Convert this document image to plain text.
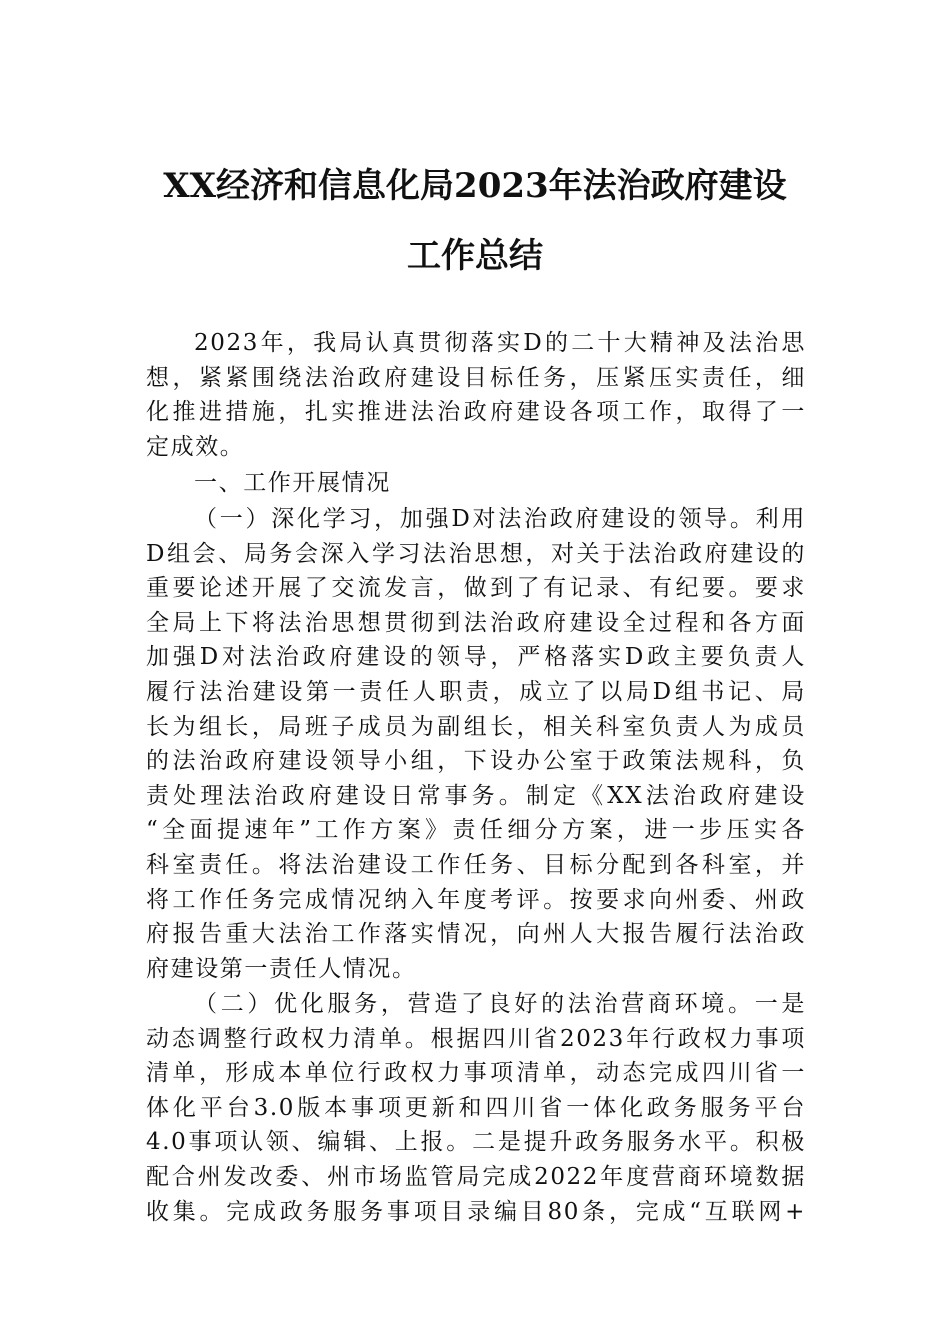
XX经济和信息化局2023年法治政府建设
工作总结
2023年，我局认真贯彻落实D的二十大精神及法治思
想，紧紧围绕法治政府建设目标任务，压紧压实责任，细
化推进措施，扎实推进法治政府建设各项工作，取得了一
定成效。
一、工作开展情况
（一）深化学习，加强D对法治政府建设的领导。利用
D组会、局务会深入学习法治思想，对关于法治政府建设的
重要论述开展了交流发言，做到了有记录、有纪要。要求
全局上下将法治思想贯彻到法治政府建设全过程和各方面
加强D对法治政府建设的领导，严格落实D政主要负责人
履行法治建设第一责任人职责，成立了以局D组书记、局
长为组长，局班子成员为副组长，相关科室负责人为成员
的法治政府建设领导小组，下设办公室于政策法规科，负
责处理法治政府建设日常事务。制定《XX法治政府建设
“全面提速年”工作方案》责任细分方案，进一步压实各
科室责任。将法治建设工作任务、目标分配到各科室，并
将工作任务完成情况纳入年度考评。按要求向州委、州政
府报告重大法治工作落实情况，向州人大报告履行法治政
府建设第一责任人情况。
（二）优化服务，营造了良好的法治营商环境。一是
动态调整行政权力清单。根据四川省2023年行政权力事项
清单，形成本单位行政权力事项清单，动态完成四川省一
体化平台3.0版本事项更新和四川省一体化政务服务平台
4.0事项认领、编辑、上报。二是提升政务服务水平。积极
配合州发改委、州市场监管局完成2022年度营商环境数据
收集。完成政务服务事项目录编目80条，完成“互联网+
